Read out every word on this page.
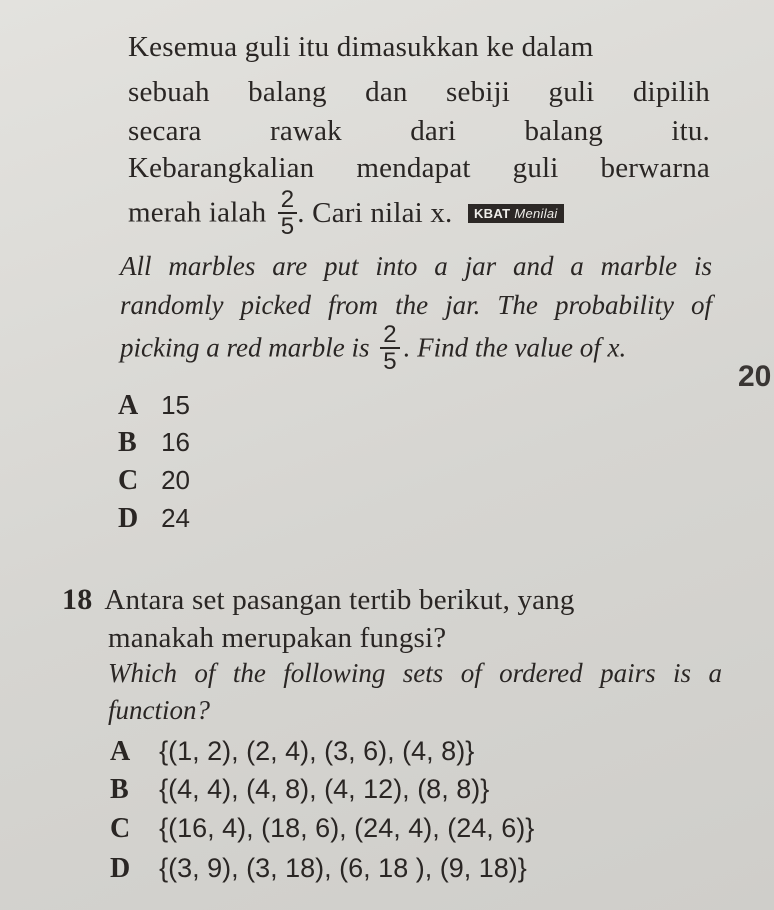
Kesemua guli itu dimasukkan ke dalam
sebuah balang dan sebiji guli dipilih
secara rawak dari balang itu.
Kebarangkalian mendapat guli berwarna
merah ialah $\frac{2}{5}$ . Cari nilai x. KBAT Menilai
All marbles are put into a jar and a marble is
randomly picked from the jar. The probability of
picking a red marble is $\frac{2}{5}$ . Find the value of x.
20
A 15
B 16
C 20
D 24
18 Antara set pasangan tertib berikut, yang
manakah merupakan fungsi?
Which of the following sets of ordered pairs is a
function?
A {(1, 2), (2, 4), (3, 6), (4, 8)}
B {(4, 4), (4, 8), (4, 12), (8, 8)}
C {(16, 4), (18, 6), (24, 4), (24, 6)}
D {(3, 9), (3, 18), (6, 18 ), (9, 18)}
